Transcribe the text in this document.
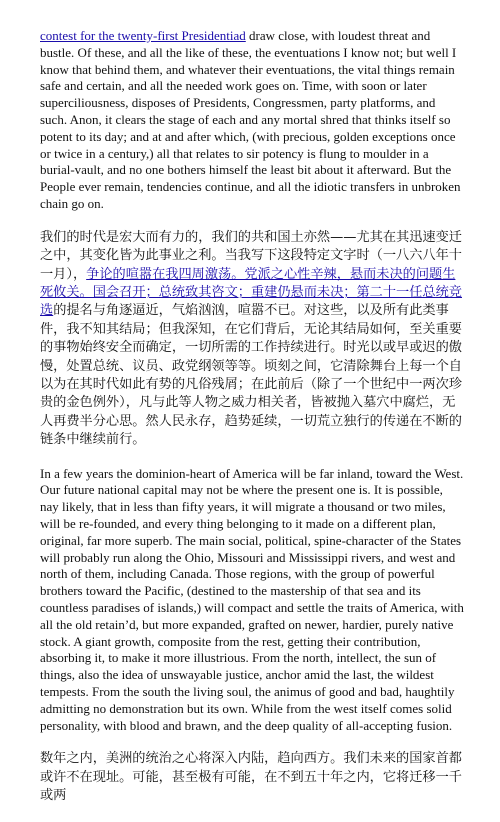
contest for the twenty-first Presidentiad draw close, with loudest threat and bustle. Of these, and all the like of these, the eventuations I know not; but well I know that behind them, and whatever their eventuations, the vital things remain safe and certain, and all the needed work goes on. Time, with soon or later superciliousness, disposes of Presidents, Congressmen, party platforms, and such. Anon, it clears the stage of each and any mortal shred that thinks itself so potent to its day; and at and after which, (with precious, golden exceptions once or twice in a century,) all that relates to sir potency is flung to moulder in a burial-vault, and no one bothers himself the least bit about it afterward. But the People ever remain, tendencies continue, and all the idiotic transfers in unbroken chain go on.

我们的时代是宏大而有力的，我们的共和国土亦然——尤其在其迅速变迁之中，其变化皆为此事业之利。当我写下这段特定文字时（一八六八年十一月），争论的喧嚣在我四周激荡。党派之心性辛辣，悬而未决的问题生死攸关。国会召开；总统致其咨文；重建仍悬而未决；第二十一任总统竞选的提名与角逐逼近，气焰汹汹，喧嚣不已。对这些，以及所有此类事件，我不知其结局；但我深知，在它们背后，无论其结局如何，至关重要的事物始终安全而确定，一切所需的工作持续进行。时光以或早或迟的傲慢，处置总统、议员、政党纲领等等。顷刻之间，它清除舞台上每一个自以为在其时代如此有势的凡俗残屑；在此前后（除了一个世纪中一两次珍贵的金色例外），凡与此等人物之威力相关者，皆被抛入墓穴中腐烂，无人再费半分心思。然人民永存，趋势延续，一切荒立独行的传递在不断的链条中继续前行。

In a few years the dominion-heart of America will be far inland, toward the West. Our future national capital may not be where the present one is. It is possible, nay likely, that in less than fifty years, it will migrate a thousand or two miles, will be re-founded, and every thing belonging to it made on a different plan, original, far more superb. The main social, political, spine-character of the States will probably run along the Ohio, Missouri and Mississippi rivers, and west and north of them, including Canada. Those regions, with the group of powerful brothers toward the Pacific, (destined to the mastership of that sea and its countless paradises of islands,) will compact and settle the traits of America, with all the old retain’d, but more expanded, grafted on newer, hardier, purely native stock. A giant growth, composite from the rest, getting their contribution, absorbing it, to make it more illustrious. From the north, intellect, the sun of things, also the idea of unswayable justice, anchor amid the last, the wildest tempests. From the south the living soul, the animus of good and bad, haughtily admitting no demonstration but its own. While from the west itself comes solid personality, with blood and brawn, and the deep quality of all-accepting fusion.

数年之内，美洲的统治之心将深入内陆，趋向西方。我们未来的国家首都或许不在现址。可能，甚至极有可能，在不到五十年之内，它将迁移一千或两
